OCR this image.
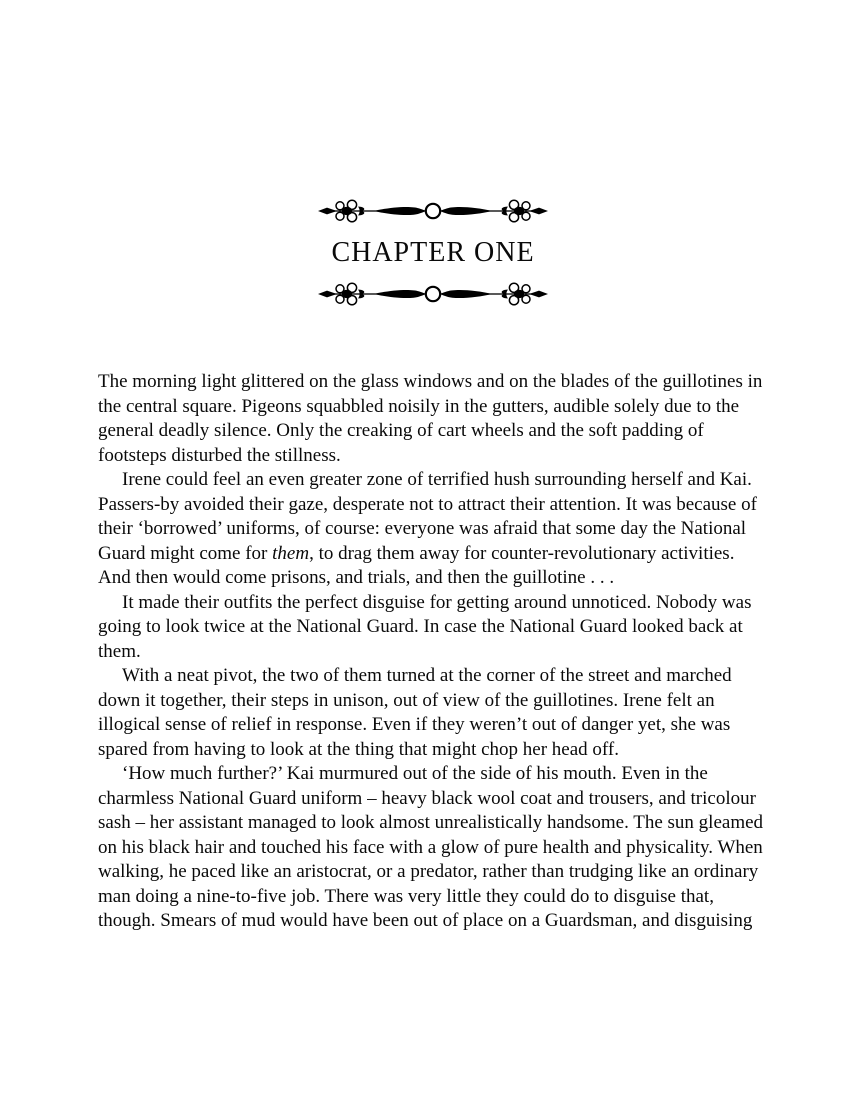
CHAPTER ONE

The morning light glittered on the glass windows and on the blades of the guillotines in the central square. Pigeons squabbled noisily in the gutters, audible solely due to the general deadly silence. Only the creaking of cart wheels and the soft padding of footsteps disturbed the stillness.

Irene could feel an even greater zone of terrified hush surrounding herself and Kai. Passers-by avoided their gaze, desperate not to attract their attention. It was because of their ‘borrowed’ uniforms, of course: everyone was afraid that some day the National Guard might come for them, to drag them away for counter-revolutionary activities. And then would come prisons, and trials, and then the guillotine . . .

It made their outfits the perfect disguise for getting around unnoticed. Nobody was going to look twice at the National Guard. In case the National Guard looked back at them.

With a neat pivot, the two of them turned at the corner of the street and marched down it together, their steps in unison, out of view of the guillotines. Irene felt an illogical sense of relief in response. Even if they weren’t out of danger yet, she was spared from having to look at the thing that might chop her head off.

‘How much further?’ Kai murmured out of the side of his mouth. Even in the charmless National Guard uniform – heavy black wool coat and trousers, and tricolour sash – her assistant managed to look almost unrealistically handsome. The sun gleamed on his black hair and touched his face with a glow of pure health and physicality. When walking, he paced like an aristocrat, or a predator, rather than trudging like an ordinary man doing a nine-to-five job. There was very little they could do to disguise that, though. Smears of mud would have been out of place on a Guardsman, and disguising
